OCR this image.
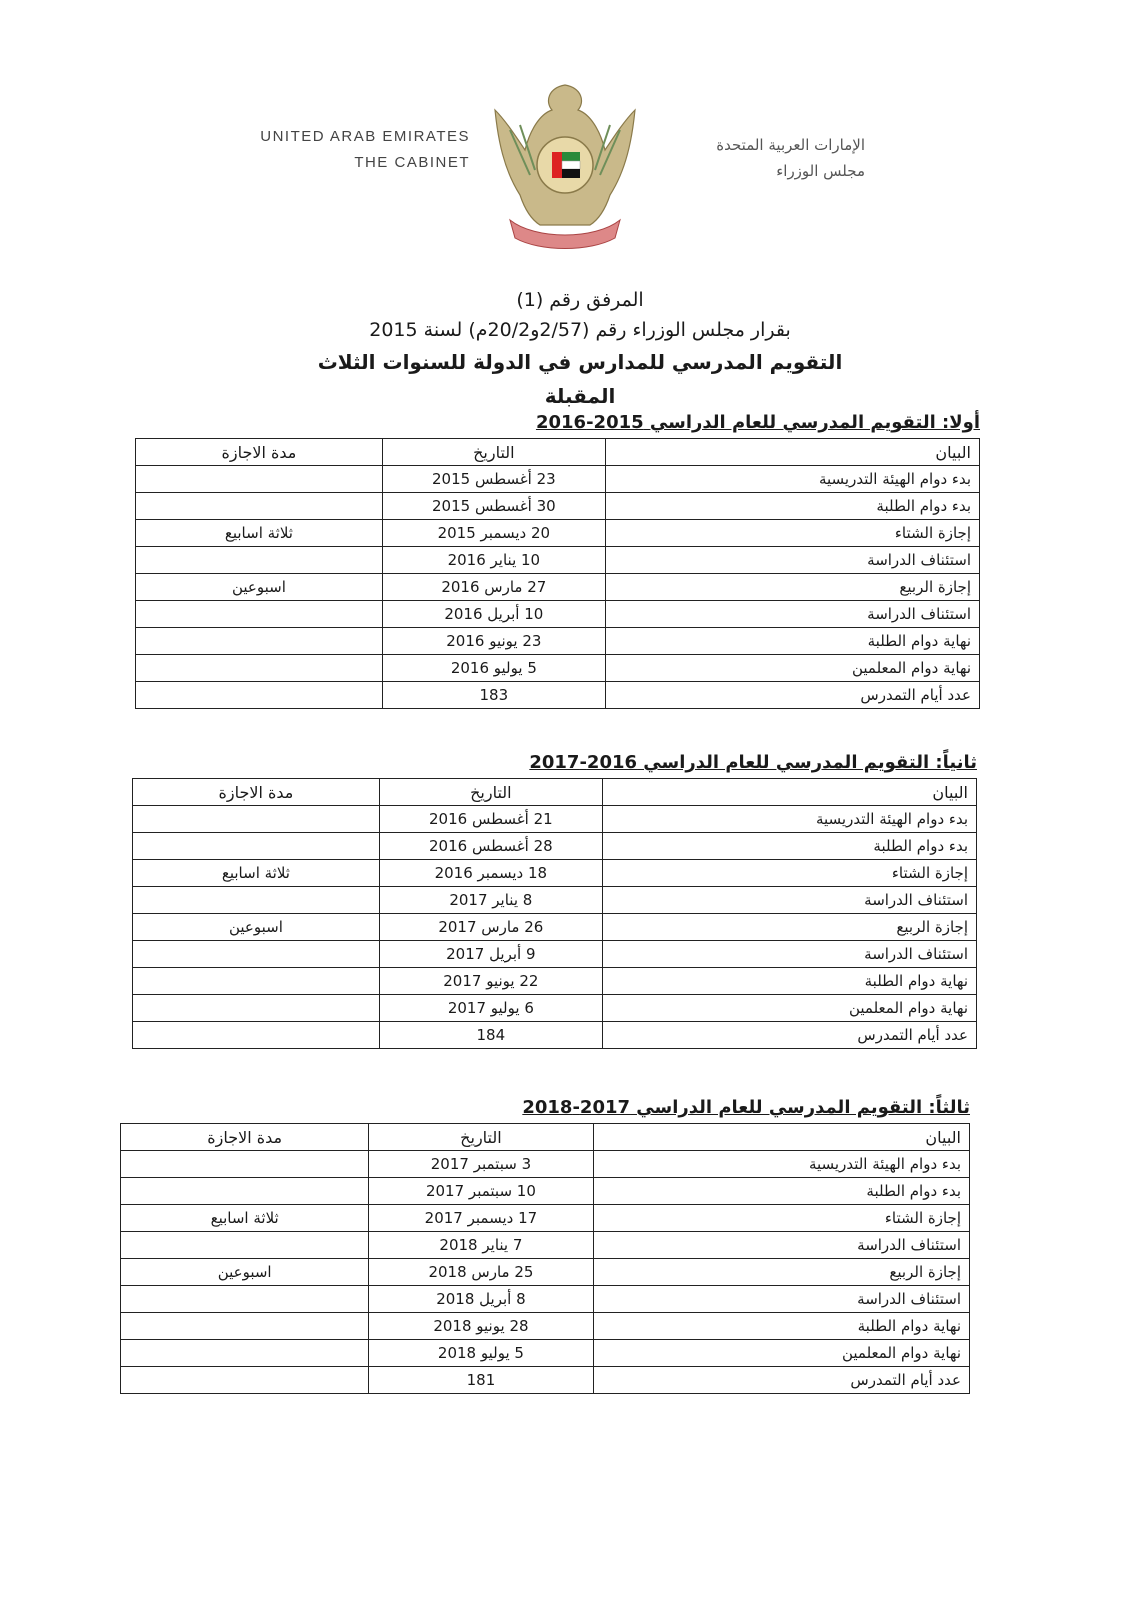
UNITED ARAB EMIRATES
THE CABINET
الإمارات العربية المتحدة
مجلس الوزراء
المرفق رقم (1)
بقرار مجلس الوزراء رقم (2/57و20/2م) لسنة 2015
التقويم المدرسي للمدارس في الدولة للسنوات الثلاث المقبلة
أولا: التقويم المدرسي للعام الدراسي 2015-2016
البيان	التاريخ	مدة الاجازة
بدء دوام الهيئة التدريسية	23 أغسطس 2015	
بدء دوام الطلبة	30 أغسطس 2015	
إجازة الشتاء	20 ديسمبر 2015	ثلاثة اسابيع
استئناف الدراسة	10 يناير 2016	
إجازة الربيع	27 مارس 2016	اسبوعين
استئناف الدراسة	10 أبريل 2016	
نهاية دوام الطلبة	23 يونيو 2016	
نهاية دوام المعلمين	5 يوليو 2016	
عدد أيام التمدرس	183	
ثانياً: التقويم المدرسي للعام الدراسي 2016-2017
البيان	التاريخ	مدة الاجازة
بدء دوام الهيئة التدريسية	21 أغسطس 2016	
بدء دوام الطلبة	28 أغسطس 2016	
إجازة الشتاء	18 ديسمبر 2016	ثلاثة اسابيع
استئناف الدراسة	8 يناير 2017	
إجازة الربيع	26 مارس 2017	اسبوعين
استئناف الدراسة	9 أبريل 2017	
نهاية دوام الطلبة	22 يونيو 2017	
نهاية دوام المعلمين	6 يوليو 2017	
عدد أيام التمدرس	184	
ثالثاً: التقويم المدرسي للعام الدراسي 2017-2018
البيان	التاريخ	مدة الاجازة
بدء دوام الهيئة التدريسية	3 سبتمبر 2017	
بدء دوام الطلبة	10 سبتمبر 2017	
إجازة الشتاء	17 ديسمبر 2017	ثلاثة اسابيع
استئناف الدراسة	7 يناير 2018	
إجازة الربيع	25 مارس 2018	اسبوعين
استئناف الدراسة	8 أبريل 2018	
نهاية دوام الطلبة	28 يونيو 2018	
نهاية دوام المعلمين	5 يوليو 2018	
عدد أيام التمدرس	181	
